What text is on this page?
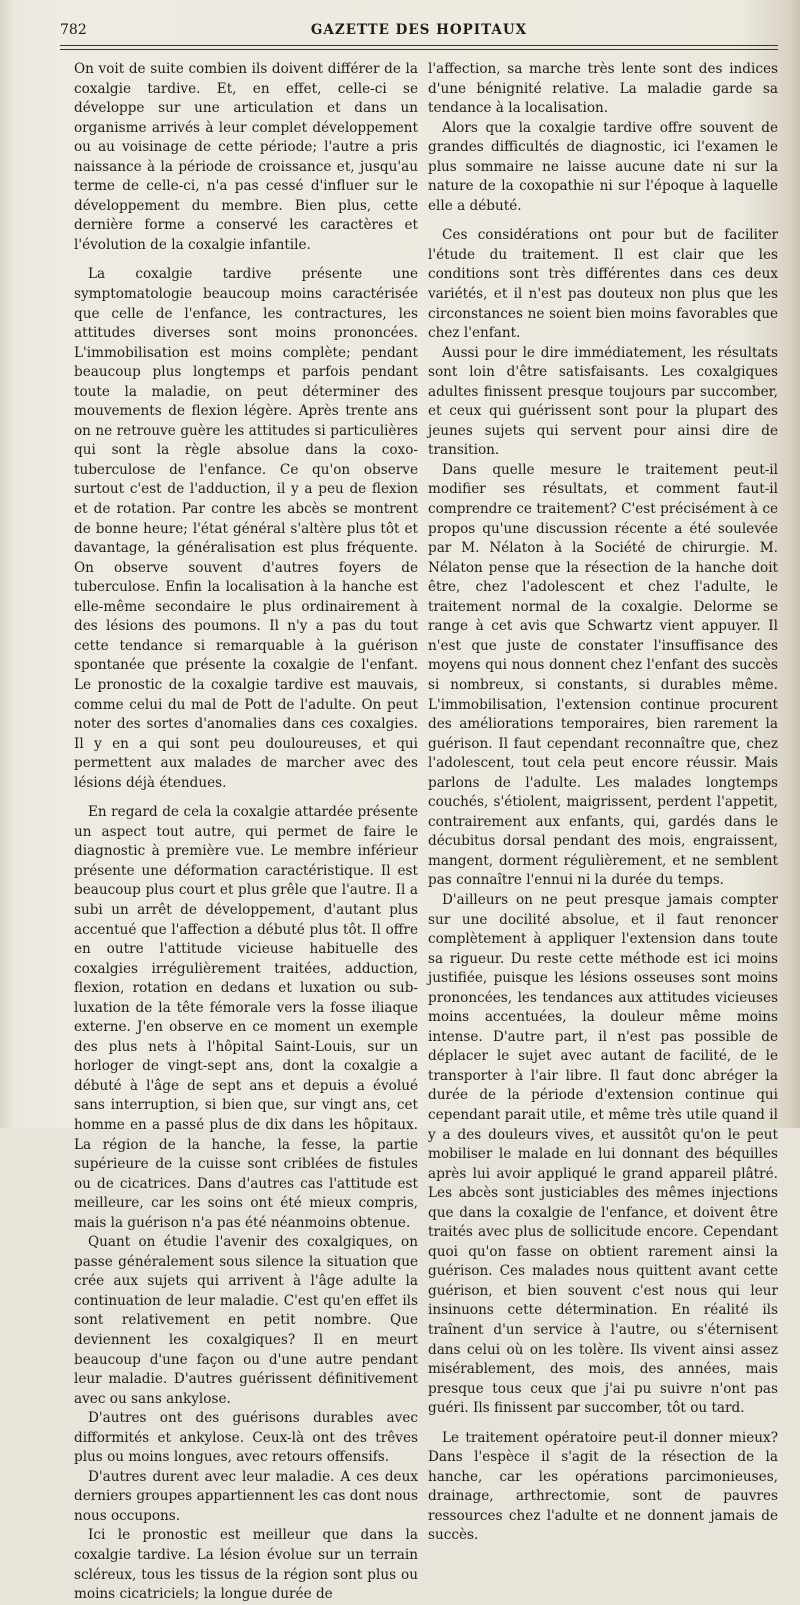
782	GAZETTE DES HOPITAUX

On voit de suite combien ils doivent différer de la coxalgie tardive. Et, en effet, celle-ci se développe sur une articulation et dans un organisme arrivés à leur complet développement ou au voisinage de cette période; l'autre a pris naissance à la période de croissance et, jusqu'au terme de celle-ci, n'a pas cessé d'influer sur le développement du membre. Bien plus, cette dernière forme a conservé les caractères et l'évolution de la coxalgie infantile.

La coxalgie tardive présente une symptomatologie beaucoup moins caractérisée que celle de l'enfance, les contractures, les attitudes diverses sont moins prononcées. L'immobilisation est moins complète; pendant beaucoup plus longtemps et parfois pendant toute la maladie, on peut déterminer des mouvements de flexion légère. Après trente ans on ne retrouve guère les attitudes si particulières qui sont la règle absolue dans la coxo-tuberculose de l'enfance. Ce qu'on observe surtout c'est de l'adduction, il y a peu de flexion et de rotation. Par contre les abcès se montrent de bonne heure; l'état général s'altère plus tôt et davantage, la généralisation est plus fréquente. On observe souvent d'autres foyers de tuberculose. Enfin la localisation à la hanche est elle-même secondaire le plus ordinairement à des lésions des poumons. Il n'y a pas du tout cette tendance si remarquable à la guérison spontanée que présente la coxalgie de l'enfant. Le pronostic de la coxalgie tardive est mauvais, comme celui du mal de Pott de l'adulte. On peut noter des sortes d'anomalies dans ces coxalgies. Il y en a qui sont peu douloureuses, et qui permettent aux malades de marcher avec des lésions déjà étendues.

En regard de cela la coxalgie attardée présente un aspect tout autre, qui permet de faire le diagnostic à première vue. Le membre inférieur présente une déformation caractéristique. Il est beaucoup plus court et plus grêle que l'autre. Il a subi un arrêt de développement, d'autant plus accentué que l'affection a débuté plus tôt. Il offre en outre l'attitude vicieuse habituelle des coxalgies irrégulièrement traitées, adduction, flexion, rotation en dedans et luxation ou sub-luxation de la tête fémorale vers la fosse iliaque externe. J'en observe en ce moment un exemple des plus nets à l'hôpital Saint-Louis, sur un horloger de vingt-sept ans, dont la coxalgie a débuté à l'âge de sept ans et depuis a évolué sans interruption, si bien que, sur vingt ans, cet homme en a passé plus de dix dans les hôpitaux. La région de la hanche, la fesse, la partie supérieure de la cuisse sont criblées de fistules ou de cicatrices. Dans d'autres cas l'attitude est meilleure, car les soins ont été mieux compris, mais la guérison n'a pas été néanmoins obtenue.

Quant on étudie l'avenir des coxalgiques, on passe généralement sous silence la situation que crée aux sujets qui arrivent à l'âge adulte la continuation de leur maladie. C'est qu'en effet ils sont relativement en petit nombre. Que deviennent les coxalgiques? Il en meurt beaucoup d'une façon ou d'une autre pendant leur maladie. D'autres guérissent définitivement avec ou sans ankylose.

D'autres ont des guérisons durables avec difformités et ankylose. Ceux-là ont des trêves plus ou moins longues, avec retours offensifs.

D'autres durent avec leur maladie. A ces deux derniers groupes appartiennent les cas dont nous nous occupons.

Ici le pronostic est meilleur que dans la coxalgie tardive. La lésion évolue sur un terrain scléreux, tous les tissus de la région sont plus ou moins cicatriciels; la longue durée de

l'affection, sa marche très lente sont des indices d'une bénignité relative. La maladie garde sa tendance à la localisation.

Alors que la coxalgie tardive offre souvent de grandes difficultés de diagnostic, ici l'examen le plus sommaire ne laisse aucune date ni sur la nature de la coxopathie ni sur l'époque à laquelle elle a débuté.

Ces considérations ont pour but de faciliter l'étude du traitement. Il est clair que les conditions sont très différentes dans ces deux variétés, et il n'est pas douteux non plus que les circonstances ne soient bien moins favorables que chez l'enfant.

Aussi pour le dire immédiatement, les résultats sont loin d'être satisfaisants. Les coxalgiques adultes finissent presque toujours par succomber, et ceux qui guérissent sont pour la plupart des jeunes sujets qui servent pour ainsi dire de transition.

Dans quelle mesure le traitement peut-il modifier ses résultats, et comment faut-il comprendre ce traitement? C'est précisément à ce propos qu'une discussion récente a été soulevée par M. Nélaton à la Société de chirurgie. M. Nélaton pense que la résection de la hanche doit être, chez l'adolescent et chez l'adulte, le traitement normal de la coxalgie. Delorme se range à cet avis que Schwartz vient appuyer. Il n'est que juste de constater l'insuffisance des moyens qui nous donnent chez l'enfant des succès si nombreux, si constants, si durables même. L'immobilisation, l'extension continue procurent des améliorations temporaires, bien rarement la guérison. Il faut cependant reconnaître que, chez l'adolescent, tout cela peut encore réussir. Mais parlons de l'adulte. Les malades longtemps couchés, s'étiolent, maigrissent, perdent l'appetit, contrairement aux enfants, qui, gardés dans le décubitus dorsal pendant des mois, engraissent, mangent, dorment régulièrement, et ne semblent pas connaître l'ennui ni la durée du temps.

D'ailleurs on ne peut presque jamais compter sur une docilité absolue, et il faut renoncer complètement à appliquer l'extension dans toute sa rigueur. Du reste cette méthode est ici moins justifiée, puisque les lésions osseuses sont moins prononcées, les tendances aux attitudes vicieuses moins accentuées, la douleur même moins intense. D'autre part, il n'est pas possible de déplacer le sujet avec autant de facilité, de le transporter à l'air libre. Il faut donc abréger la durée de la période d'extension continue qui cependant parait utile, et même très utile quand il y a des douleurs vives, et aussitôt qu'on le peut mobiliser le malade en lui donnant des béquilles après lui avoir appliqué le grand appareil plâtré. Les abcès sont justiciables des mêmes injections que dans la coxalgie de l'enfance, et doivent être traités avec plus de sollicitude encore. Cependant quoi qu'on fasse on obtient rarement ainsi la guérison. Ces malades nous quittent avant cette guérison, et bien souvent c'est nous qui leur insinuons cette détermination. En réalité ils traînent d'un service à l'autre, ou s'éternisent dans celui où on les tolère. Ils vivent ainsi assez misérablement, des mois, des années, mais presque tous ceux que j'ai pu suivre n'ont pas guéri. Ils finissent par succomber, tôt ou tard.

Le traitement opératoire peut-il donner mieux? Dans l'espèce il s'agit de la résection de la hanche, car les opérations parcimonieuses, drainage, arthrectomie, sont de pauvres ressources chez l'adulte et ne donnent jamais de succès.
